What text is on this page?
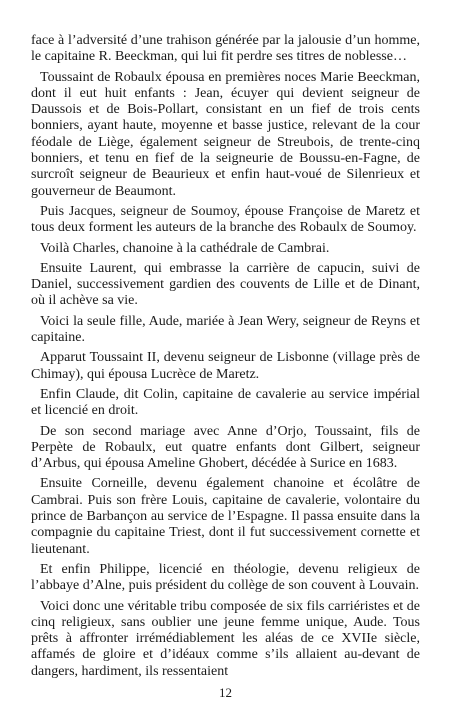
face à l’adversité d’une trahison générée par la jalousie d’un homme, le capitaine R. Beeckman, qui lui fit perdre ses titres de noblesse…

Toussaint de Robaulx épousa en premières noces Marie Beeckman, dont il eut huit enfants : Jean, écuyer qui devient seigneur de Daussois et de Bois-Pollart, consistant en un fief de trois cents bonniers, ayant haute, moyenne et basse justice, relevant de la cour féodale de Liège, également seigneur de Streubois, de trente-cinq bonniers, et tenu en fief de la seigneurie de Boussu-en-Fagne, de surcroît seigneur de Beaurieux et enfin haut-voué de Silenrieux et gouverneur de Beaumont.

Puis Jacques, seigneur de Soumoy, épouse Françoise de Maretz et tous deux forment les auteurs de la branche des Robaulx de Soumoy.

Voilà Charles, chanoine à la cathédrale de Cambrai.

Ensuite Laurent, qui embrasse la carrière de capucin, suivi de Daniel, successivement gardien des couvents de Lille et de Dinant, où il achève sa vie.

Voici la seule fille, Aude, mariée à Jean Wery, seigneur de Reyns et capitaine.

Apparut Toussaint II, devenu seigneur de Lisbonne (village près de Chimay), qui épousa Lucrèce de Maretz.

Enfin Claude, dit Colin, capitaine de cavalerie au service impérial et licencié en droit.

De son second mariage avec Anne d’Orjo, Toussaint, fils de Perpète de Robaulx, eut quatre enfants dont Gilbert, seigneur d’Arbus, qui épousa Ameline Ghobert, décédée à Surice en 1683.

Ensuite Corneille, devenu également chanoine et écolâtre de Cambrai. Puis son frère Louis, capitaine de cavalerie, volontaire du prince de Barbançon au service de l’Espagne. Il passa ensuite dans la compagnie du capitaine Triest, dont il fut successivement cornette et lieutenant.

Et enfin Philippe, licencié en théologie, devenu religieux de l’abbaye d’Alne, puis président du collège de son couvent à Louvain.

Voici donc une véritable tribu composée de six fils carriéristes et de cinq religieux, sans oublier une jeune femme unique, Aude. Tous prêts à affronter irrémédiablement les aléas de ce XVIIe siècle, affamés de gloire et d’idéaux comme s’ils allaient au-devant de dangers, hardiment, ils ressentaient

12
